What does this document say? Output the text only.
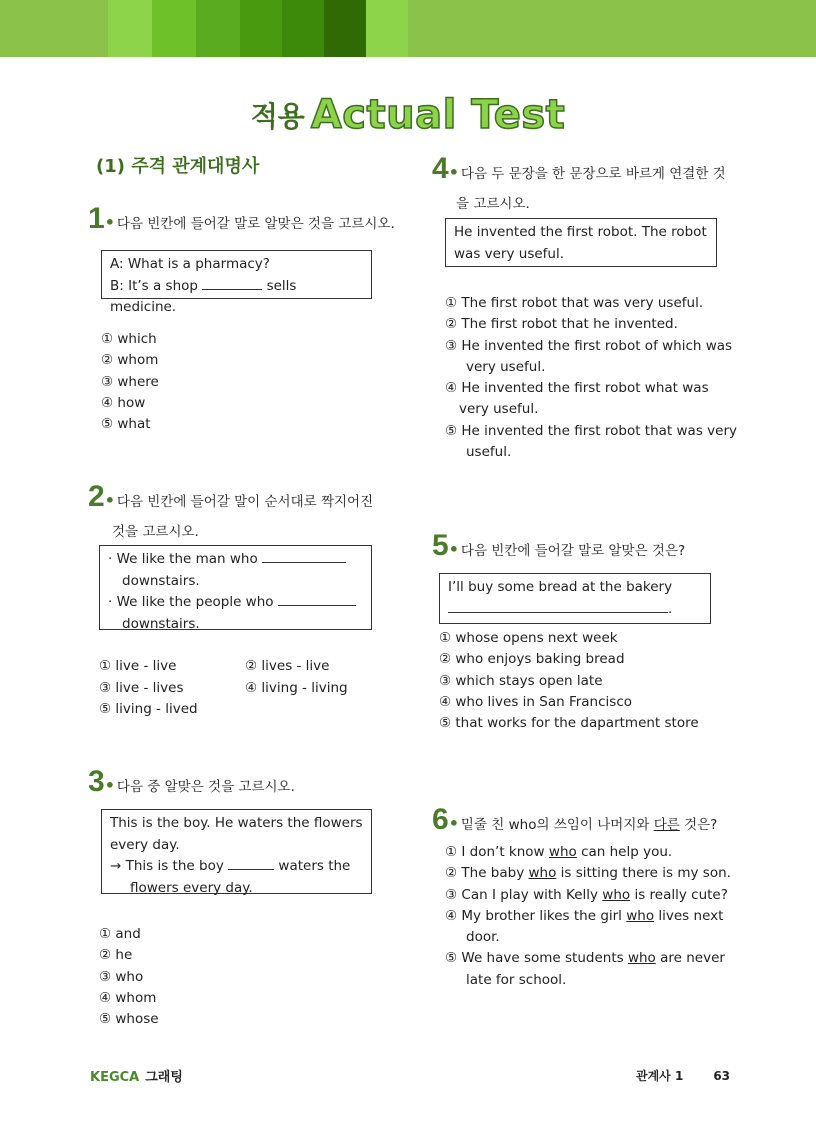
적용 Actual Test
(1) 주격 관계대명사
1• 다음 빈칸에 들어갈 말로 알맞은 것을 고르시오.

A: What is a pharmacy?

B: It’s a shop	sells medicine.

① which
② whom
③ where
④ how
⑤ what
2• 다음 빈칸에 들어갈 말이 순서대로 짝지어진
것을 고르시오.

· We like the man who

downstairs.

· We like the people who

downstairs.

① live - live	② lives - live
③ live - lives	④ living - living
⑤ living - lived
3• 다음 중 알맞은 것을 고르시오.

This is the boy. He waters the flowers

every day.

→ This is the boy	waters the

flowers every day.

① and
② he
③ who
④ whom
⑤ whose
4• 다음 두 문장을 한 문장으로 바르게 연결한 것
을 고르시오.

He invented the first robot. The robot

was very useful.

① The first robot that was very useful.
② The first robot that he invented.
③ He invented the first robot of which was
very useful.
④ He invented the first robot what was
very useful.
⑤ He invented the first robot that was very
useful.
5• 다음 빈칸에 들어갈 말로 알맞은 것은?

I’ll buy some bread at the bakery

.

① whose opens next week
② who enjoys baking bread
③ which stays open late
④ who lives in San Francisco
⑤ that works for the dapartment store
6• 밑줄 친 who의 쓰임이 나머지와 다른 것은?
① I don’t know who can help you.
② The baby who is sitting there is my son.
③ Can I play with Kelly who is really cute?
④ My brother likes the girl who lives next
door.
⑤ We have some students who are never
late for school.
KEGCA 그래팅	관계사 1	63
